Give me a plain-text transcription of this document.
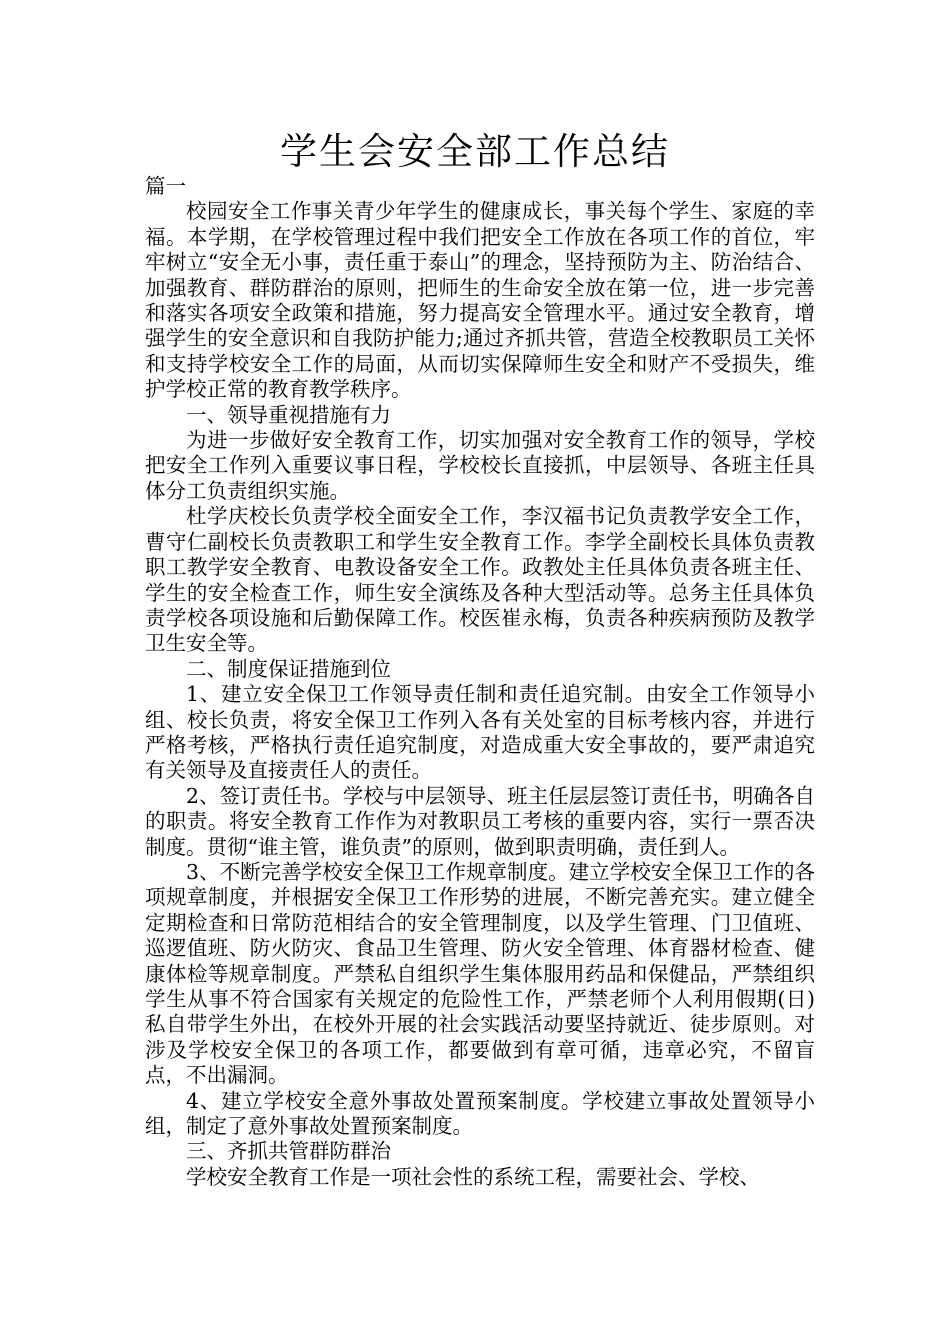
学生会安全部工作总结

篇一

校园安全工作事关青少年学生的健康成长，事关每个学生、家庭的幸福。本学期，在学校管理过程中我们把安全工作放在各项工作的首位，牢牢树立“安全无小事，责任重于泰山”的理念，坚持预防为主、防治结合、加强教育、群防群治的原则，把师生的生命安全放在第一位，进一步完善和落实各项安全政策和措施，努力提高安全管理水平。通过安全教育，增强学生的安全意识和自我防护能力;通过齐抓共管，营造全校教职员工关怀和支持学校安全工作的局面，从而切实保障师生安全和财产不受损失，维护学校正常的教育教学秩序。

一、领导重视措施有力

为进一步做好安全教育工作，切实加强对安全教育工作的领导，学校把安全工作列入重要议事日程，学校校长直接抓，中层领导、各班主任具体分工负责组织实施。

杜学庆校长负责学校全面安全工作，李汉福书记负责教学安全工作，曹守仁副校长负责教职工和学生安全教育工作。李学全副校长具体负责教职工教学安全教育、电教设备安全工作。政教处主任具体负责各班主任、学生的安全检查工作，师生安全演练及各种大型活动等。总务主任具体负责学校各项设施和后勤保障工作。校医崔永梅，负责各种疾病预防及教学卫生安全等。

二、制度保证措施到位

1、建立安全保卫工作领导责任制和责任追究制。由安全工作领导小组、校长负责，将安全保卫工作列入各有关处室的目标考核内容，并进行严格考核，严格执行责任追究制度，对造成重大安全事故的，要严肃追究有关领导及直接责任人的责任。

2、签订责任书。学校与中层领导、班主任层层签订责任书，明确各自的职责。将安全教育工作作为对教职员工考核的重要内容，实行一票否决制度。贯彻“谁主管，谁负责”的原则，做到职责明确，责任到人。

3、不断完善学校安全保卫工作规章制度。建立学校安全保卫工作的各项规章制度，并根据安全保卫工作形势的进展，不断完善充实。建立健全定期检查和日常防范相结合的安全管理制度，以及学生管理、门卫值班、巡逻值班、防火防灾、食品卫生管理、防火安全管理、体育器材检查、健康体检等规章制度。严禁私自组织学生集体服用药品和保健品，严禁组织学生从事不符合国家有关规定的危险性工作，严禁老师个人利用假期(日)私自带学生外出，在校外开展的社会实践活动要坚持就近、徒步原则。对涉及学校安全保卫的各项工作，都要做到有章可循，违章必究，不留盲点，不出漏洞。

4、建立学校安全意外事故处置预案制度。学校建立事故处置领导小组，制定了意外事故处置预案制度。

三、齐抓共管群防群治

学校安全教育工作是一项社会性的系统工程，需要社会、学校、
